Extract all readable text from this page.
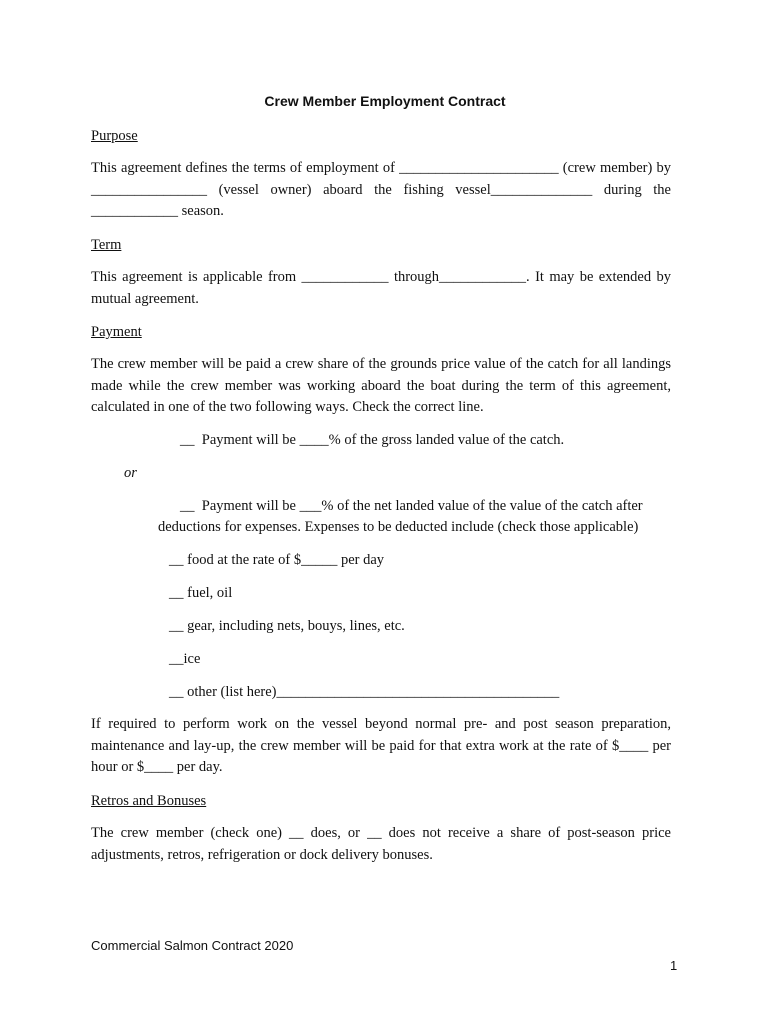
Crew Member Employment Contract
Purpose
This agreement defines the terms of employment of ______________________ (crew member) by ________________ (vessel owner) aboard the fishing vessel______________ during the ____________ season.
Term
This agreement is applicable from ____________ through____________. It may be extended by mutual agreement.
Payment
The crew member will be paid a crew share of the grounds price value of the catch for all landings made while the crew member was working aboard the boat during the term of this agreement, calculated in one of the two following ways. Check the correct line.
__  Payment will be ____% of the gross landed value of the catch.
or
__  Payment will be ___% of the net landed value of the value of the catch after
deductions for expenses. Expenses to be deducted include (check those applicable)
__ food at the rate of $_____ per day
__ fuel, oil
__ gear, including nets, bouys, lines, etc.
__ice
__ other (list here)_______________________________________
If required to perform work on the vessel beyond normal pre- and post season preparation, maintenance and lay-up, the crew member will be paid for that extra work at the rate of $____ per hour or $____ per day.
Retros and Bonuses
The crew member (check one) __ does, or __ does not receive a share of post-season price adjustments, retros, refrigeration or dock delivery bonuses.
Commercial Salmon Contract 2020
1
